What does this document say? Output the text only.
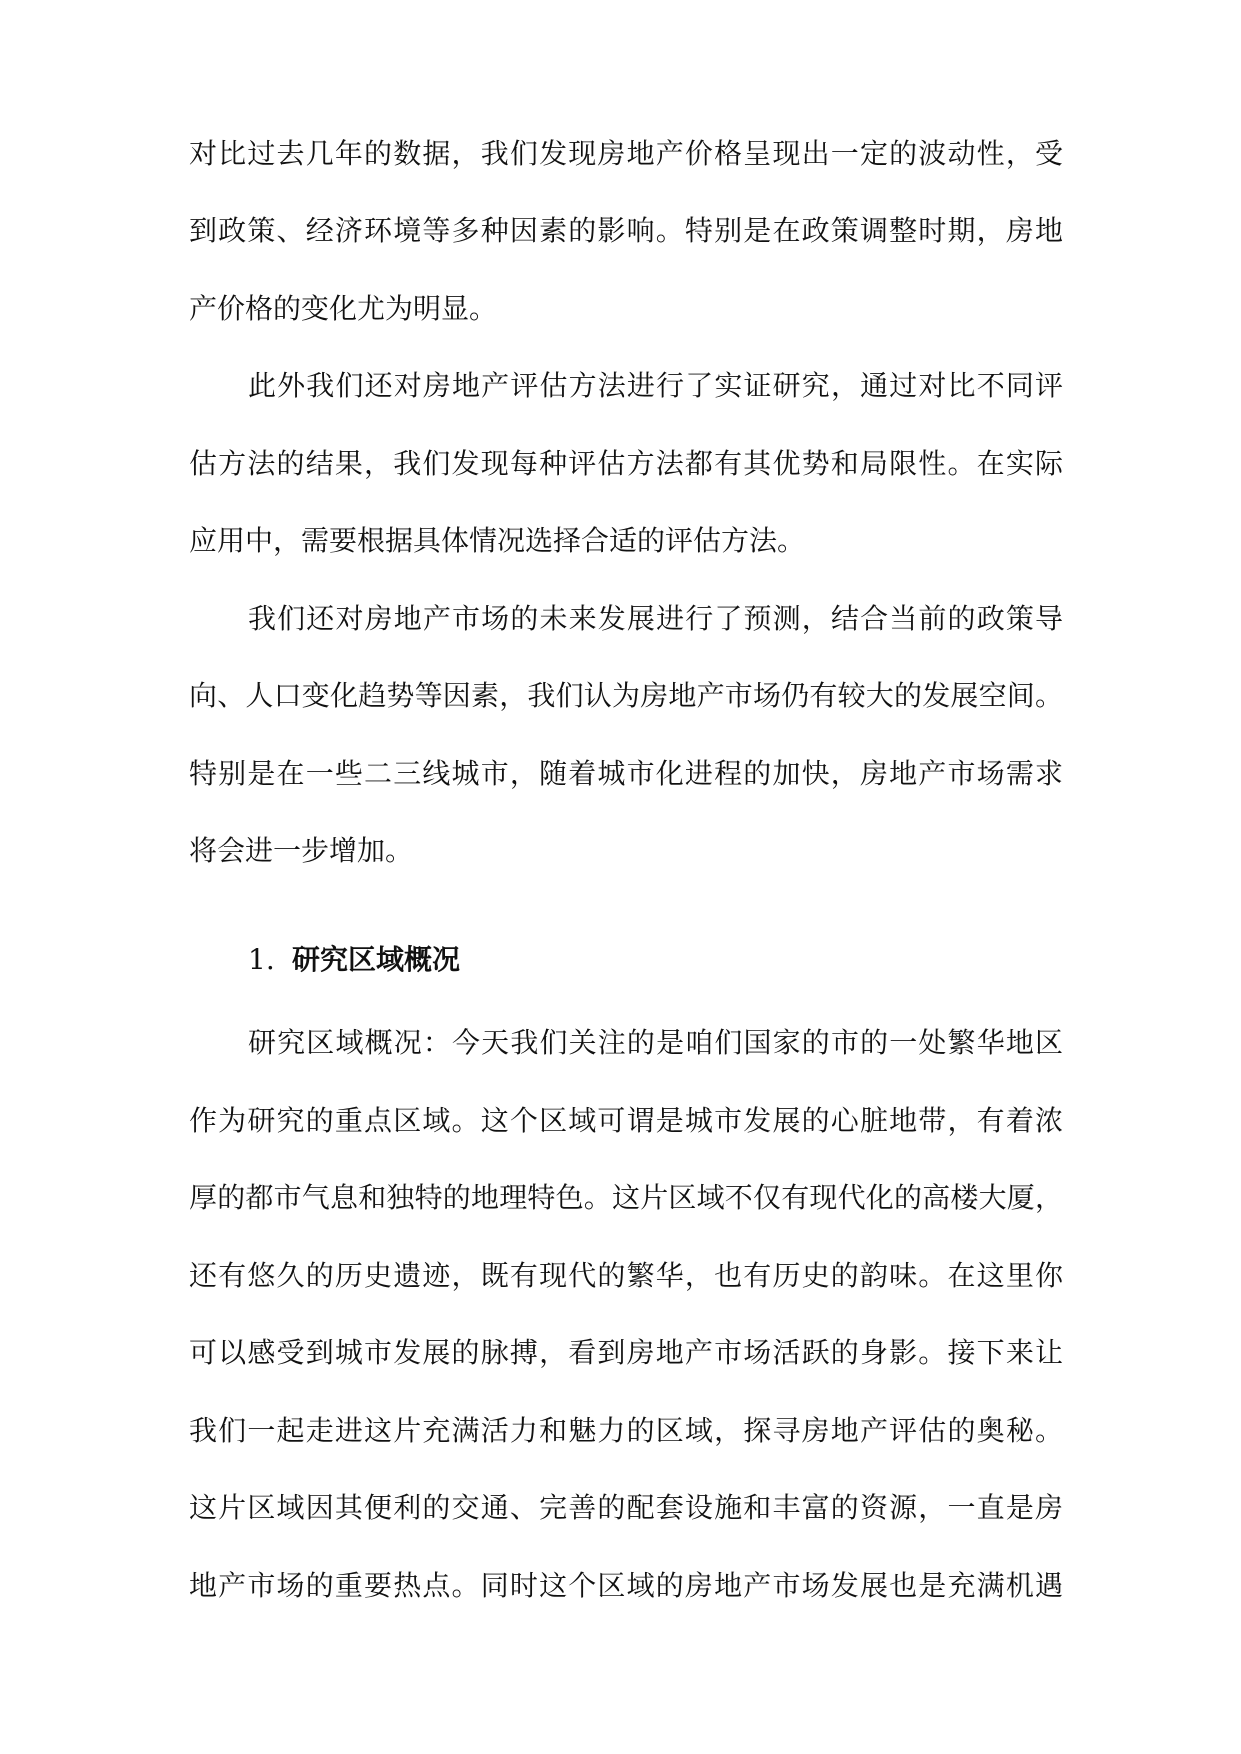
对比过去几年的数据，我们发现房地产价格呈现出一定的波动性，受
到政策、经济环境等多种因素的影响。特别是在政策调整时期，房地
产价格的变化尤为明显。
此外我们还对房地产评估方法进行了实证研究，通过对比不同评
估方法的结果，我们发现每种评估方法都有其优势和局限性。在实际
应用中，需要根据具体情况选择合适的评估方法。
我们还对房地产市场的未来发展进行了预测，结合当前的政策导
向、人口变化趋势等因素，我们认为房地产市场仍有较大的发展空间。
特别是在一些二三线城市，随着城市化进程的加快，房地产市场需求
将会进一步增加。
1. 研究区域概况
研究区域概况：今天我们关注的是咱们国家的市的一处繁华地区
作为研究的重点区域。这个区域可谓是城市发展的心脏地带，有着浓
厚的都市气息和独特的地理特色。这片区域不仅有现代化的高楼大厦，
还有悠久的历史遗迹，既有现代的繁华，也有历史的韵味。在这里你
可以感受到城市发展的脉搏，看到房地产市场活跃的身影。接下来让
我们一起走进这片充满活力和魅力的区域，探寻房地产评估的奥秘。
这片区域因其便利的交通、完善的配套设施和丰富的资源，一直是房
地产市场的重要热点。同时这个区域的房地产市场发展也是充满机遇
